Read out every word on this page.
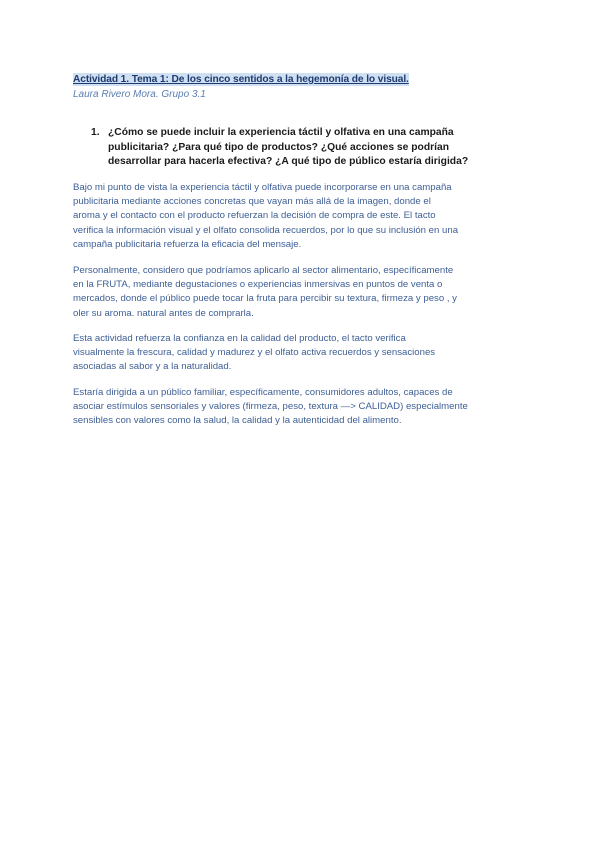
Actividad 1. Tema 1: De los cinco sentidos a la hegemonía de lo visual.
Laura Rivero Mora. Grupo 3.1
1. ¿Cómo se puede incluir la experiencia táctil y olfativa en una campaña
publicitaria? ¿Para qué tipo de productos? ¿Qué acciones se podrían
desarrollar para hacerla efectiva? ¿A qué tipo de público estaría dirigida?
Bajo mi punto de vista la experiencia táctil y olfativa puede incorporarse en una campaña
publicitaria mediante acciones concretas que vayan más allá de la imagen, donde el
aroma y el contacto con el producto refuerzan la decisión de compra de este. El tacto
verifica la información visual y el olfato consolida recuerdos, por lo que su inclusión en una
campaña publicitaria refuerza la eficacia del mensaje.
Personalmente, considero que podríamos aplicarlo al sector alimentario, específicamente
en la FRUTA, mediante degustaciones o experiencias inmersivas en puntos de venta o
mercados, donde el público puede tocar la fruta para percibir su textura, firmeza y peso , y
oler su aroma. natural antes de comprarla.
Esta actividad refuerza la confianza en la calidad del producto, el tacto verifica
visualmente la frescura, calidad y madurez y el olfato activa recuerdos y sensaciones
asociadas al sabor y a la naturalidad.
Estaría dirigida a un público familiar, específicamente, consumidores adultos, capaces de
asociar estímulos sensoriales y valores (firmeza, peso, textura —> CALIDAD) especialmente
sensibles con valores como la salud, la calidad y la autenticidad del alimento.
